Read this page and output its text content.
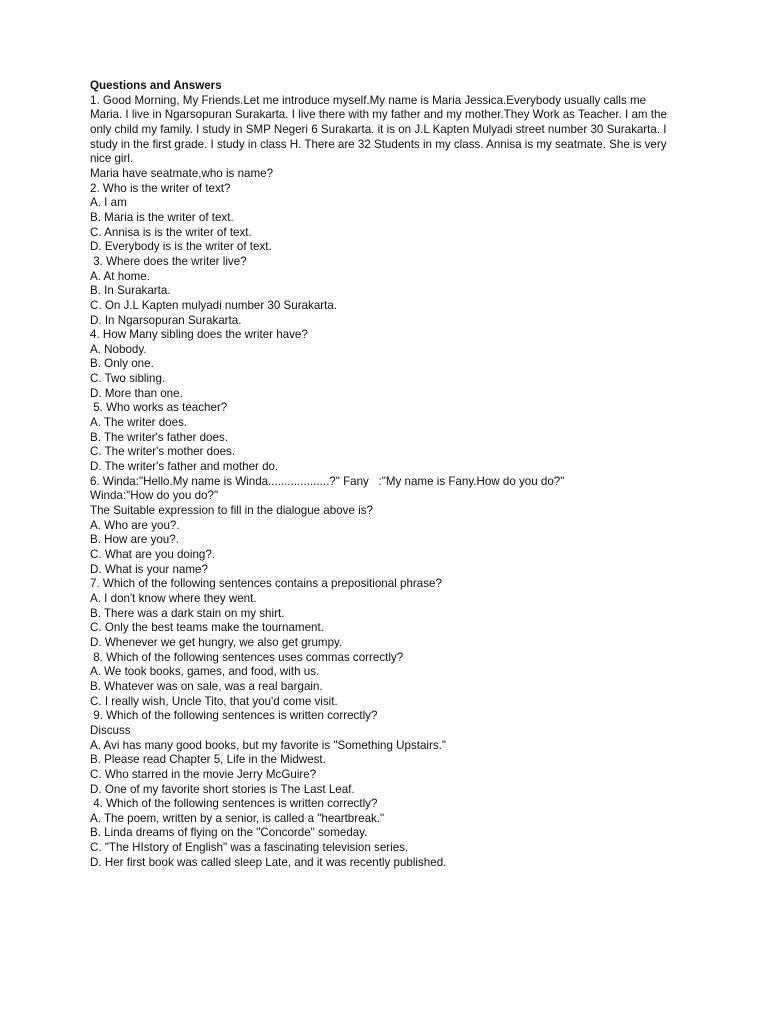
Questions and Answers
1. Good Morning, My Friends.Let me introduce myself.My name is Maria Jessica.Everybody usually calls me Maria. I live in Ngarsopuran Surakarta. I live there with my father and my mother.They Work as Teacher. I am the only child my family. I study in SMP Negeri 6 Surakarta. it is on J.L Kapten Mulyadi street number 30 Surakarta. I study in the first grade. I study in class H. There are 32 Students in my class. Annisa is my seatmate. She is very nice girl.
Maria have seatmate,who is name?
2. Who is the writer of text?
A. I am
B. Maria is the writer of text.
C. Annisa is is the writer of text.
D. Everybody is is the writer of text.
3. Where does the writer live?
A. At home.
B. In Surakarta.
C. On J.L Kapten mulyadi number 30 Surakarta.
D. In Ngarsopuran Surakarta.
4. How Many sibling does the writer have?
A. Nobody.
B. Only one.
C. Two sibling.
D. More than one.
5. Who works as teacher?
A. The writer does.
B. The writer's father does.
C. The writer's mother does.
D. The writer's father and mother do.
6. Winda:"Hello.My name is Winda...................?" Fany   :"My name is Fany.How do you do?"
Winda:"How do you do?"
The Suitable expression to fill in the dialogue above is?
A. Who are you?.
B. How are you?.
C. What are you doing?.
D. What is your name?
7. Which of the following sentences contains a prepositional phrase?
A. I don't know where they went.
B. There was a dark stain on my shirt.
C. Only the best teams make the tournament.
D. Whenever we get hungry, we also get grumpy.
8. Which of the following sentences uses commas correctly?
A. We took books, games, and food, with us.
B. Whatever was on sale, was a real bargain.
C. I really wish, Uncle Tito, that you'd come visit.
9. Which of the following sentences is written correctly?
Discuss
A. Avi has many good books, but my favorite is "Something Upstairs."
B. Please read Chapter 5, Life in the Midwest.
C. Who starred in the movie Jerry McGuire?
D. One of my favorite short stories is The Last Leaf.
4. Which of the following sentences is written correctly?
A. The poem, written by a senior, is called a "heartbreak."
B. Linda dreams of flying on the "Concorde" someday.
C. "The HIstory of English" was a fascinating television series.
D. Her first book was called sleep Late, and it was recently published.
